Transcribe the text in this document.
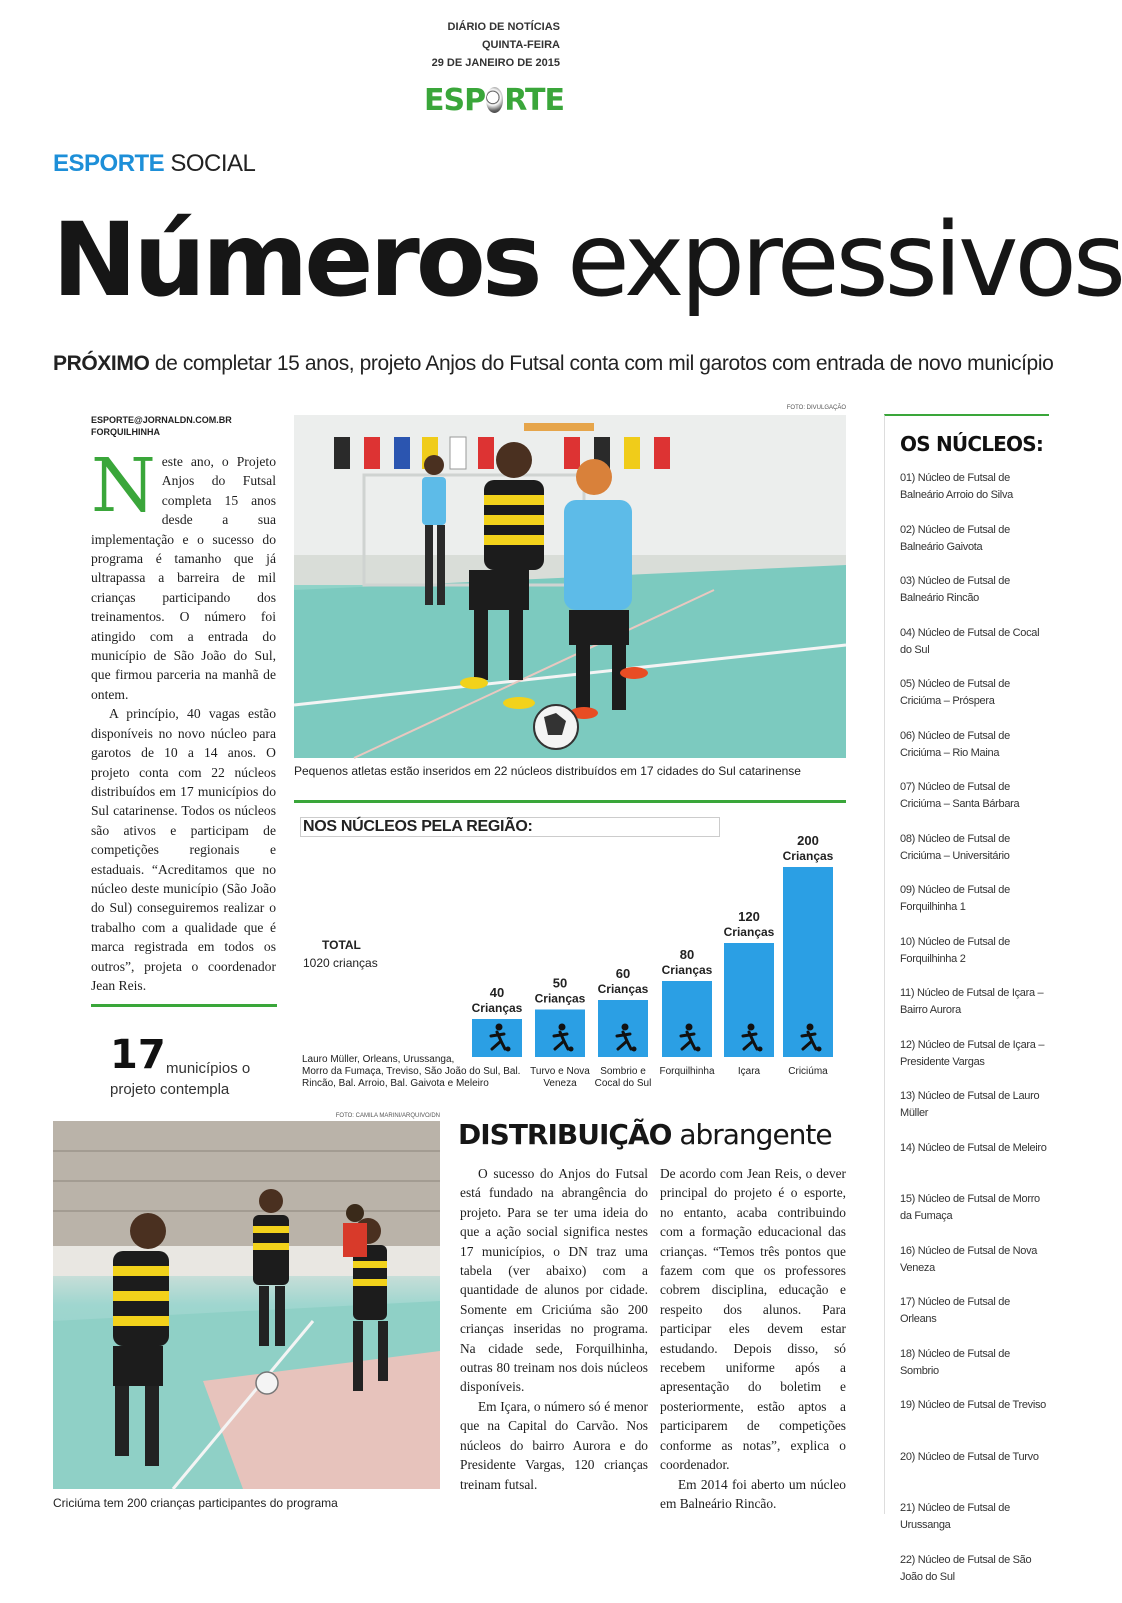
DIÁRIO DE NOTÍCIAS
QUINTA-FEIRA
29 DE JANEIRO DE 2015
ESP RTE
ESPORTE SOCIAL
Números expressivos
PRÓXIMO de completar 15 anos, projeto Anjos do Futsal conta com mil garotos com entrada de novo município
ESPORTE@JORNALDN.COM.BR
FORQUILHINHA

Neste ano, o Projeto Anjos do Futsal completa 15 anos desde a sua implementação e o sucesso do programa é tamanho que já ultrapassa a barreira de mil crianças participando dos treinamentos. O número foi atingido com a entrada do município de São João do Sul, que firmou parceria na manhã de ontem.

A princípio, 40 vagas estão disponíveis no novo núcleo para garotos de 10 a 14 anos. O projeto conta com 22 núcleos distribuídos em 17 municípios do Sul catarinense. Todos os núcleos são ativos e participam de competições regionais e estaduais. “Acreditamos que no núcleo deste município (São João do Sul) conseguiremos realizar o trabalho com a qualidade que é marca registrada em todos os outros”, projeta o coordenador Jean Reis.

17 municípios o
projeto contempla
FOTO: DIVULGAÇÃO
Pequenos atletas estão inseridos em 22 núcleos distribuídos em 17 cidades do Sul catarinense
NOS NÚCLEOS PELA REGIÃO:
TOTAL
1020 crianças
40
Crianças
Lauro Müller, Orleans, Urussanga,
Morro da Fumaça, Treviso, São João do Sul, Bal.
Rincão, Bal. Arroio, Bal. Gaivota e Meleiro
50
Crianças
Turvo e Nova
Veneza
60
Crianças
Sombrio e
Cocal do Sul
80
Crianças
Forquilhinha
120
Crianças
Içara
200
Crianças
Criciúma
OS NÚCLEOS:
01) Núcleo de Futsal de Balneário Arroio do Silva
02) Núcleo de Futsal de Balneário Gaivota
03) Núcleo de Futsal de Balneário Rincão
04) Núcleo de Futsal de Cocal do Sul
05) Núcleo de Futsal de Criciúma – Próspera
06) Núcleo de Futsal de Criciúma – Rio Maina
07) Núcleo de Futsal de Criciúma – Santa Bárbara
08) Núcleo de Futsal de Criciúma – Universitário
09) Núcleo de Futsal de Forquilhinha 1
10) Núcleo de Futsal de Forquilhinha 2
11) Núcleo de Futsal de Içara – Bairro Aurora
12) Núcleo de Futsal de Içara – Presidente Vargas
13) Núcleo de Futsal de Lauro Müller
14) Núcleo de Futsal de Meleiro
15) Núcleo de Futsal de Morro da Fumaça
16) Núcleo de Futsal de Nova Veneza
17) Núcleo de Futsal de Orleans
18) Núcleo de Futsal de Sombrio
19) Núcleo de Futsal de Treviso
20) Núcleo de Futsal de Turvo
21) Núcleo de Futsal de Urussanga
22) Núcleo de Futsal de São João do Sul
FOTO: CAMILA MARINI/ARQUIVO/DN
Criciúma tem 200 crianças participantes do programa
DISTRIBUIÇÃO abrangente

O sucesso do Anjos do Futsal está fundado na abrangência do projeto. Para se ter uma ideia do que a ação social significa nestes 17 municípios, o DN traz uma tabela (ver abaixo) com a quantidade de alunos por cidade. Somente em Criciúma são 200 crianças inseridas no programa. Na cidade sede, Forquilhinha, outras 80 treinam nos dois núcleos disponíveis.

Em Içara, o número só é menor que na Capital do Carvão. Nos núcleos do bairro Aurora e do Presidente Vargas, 120 crianças treinam futsal.

De acordo com Jean Reis, o dever principal do projeto é o esporte, no entanto, acaba contribuindo com a formação educacional das crianças. “Temos três pontos que fazem com que os professores cobrem disciplina, educação e respeito dos alunos. Para participar eles devem estar estudando. Depois disso, só recebem uniforme após a apresentação do boletim e posteriormente, estão aptos a participarem de competições conforme as notas”, explica o coordenador.

Em 2014 foi aberto um núcleo em Balneário Rincão.
